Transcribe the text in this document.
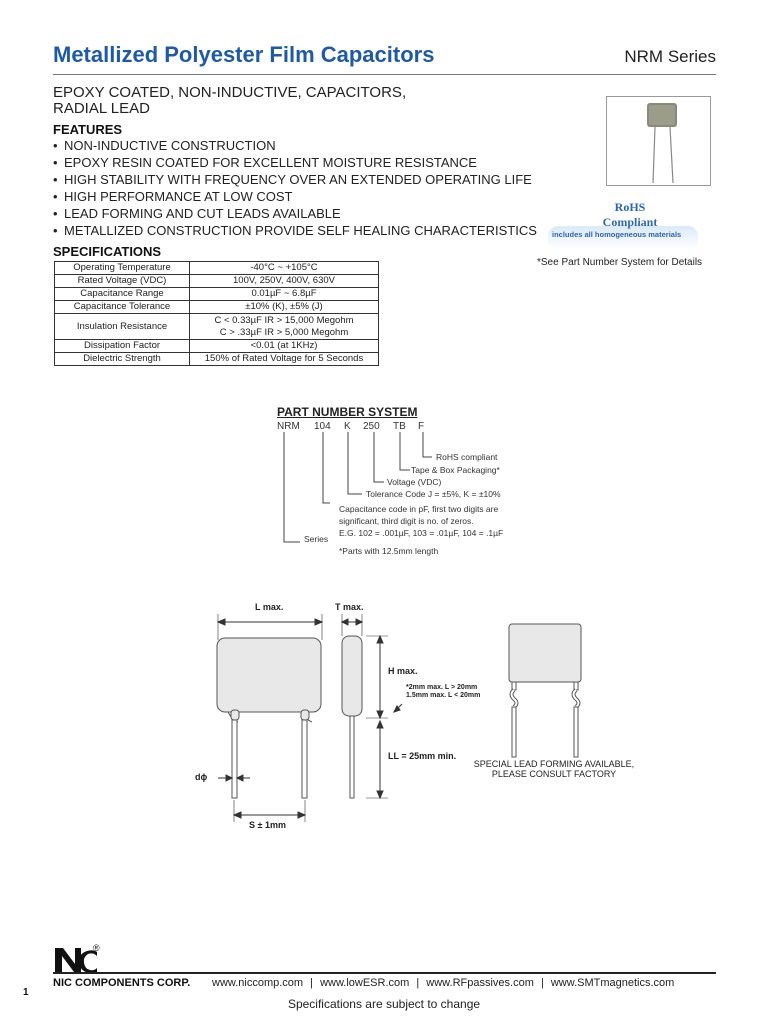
Metallized Polyester Film Capacitors	NRM Series
EPOXY COATED, NON-INDUCTIVE, CAPACITORS,
RADIAL LEAD
FEATURES
• NON-INDUCTIVE CONSTRUCTION
• EPOXY RESIN COATED FOR EXCELLENT MOISTURE RESISTANCE
• HIGH STABILITY WITH FREQUENCY OVER AN EXTENDED OPERATING LIFE
• HIGH PERFORMANCE AT LOW COST
• LEAD FORMING AND CUT LEADS AVAILABLE
• METALLIZED CONSTRUCTION PROVIDE SELF HEALING CHARACTERISTICS
RoHS
Compliant
includes all homogeneous materials
*See Part Number System for Details
SPECIFICATIONS
Operating Temperature	-40°C ~ +105°C
Rated Voltage (VDC)	100V, 250V, 400V, 630V
Capacitance Range	0.01µF ~ 6.8µF
Capacitance Tolerance	±10% (K), ±5% (J)
Insulation Resistance	C < 0.33µF IR > 15,000 Megohm
C > .33µF IR > 5,000 Megohm

Dissipation Factor	<0.01 (at 1KHz)
Dielectric Strength	150% of Rated Voltage for 5 Seconds
PART NUMBER SYSTEM
NRM 104 K 250 TB F
RoHS compliant
Tape & Box Packaging*
Voltage (VDC)
Tolerance Code J = ±5%, K = ±10%
Capacitance code in pF, first two digits are
significant, third digit is no. of zeros.
E.G. 102 = .001µF, 103 = .01µF, 104 = .1µF
Series
*Parts with 12.5mm length
L max.	T max.
H max.
*2mm max. L > 20mm
1.5mm max. L < 20mm
LL = 25mm min.
dϕ
S ± 1mm
SPECIAL LEAD FORMING AVAILABLE,
PLEASE CONSULT FACTORY
®
1
NIC COMPONENTS CORP. www.niccomp.com | www.lowESR.com | www.RFpassives.com | www.SMTmagnetics.com
Specifications are subject to change
